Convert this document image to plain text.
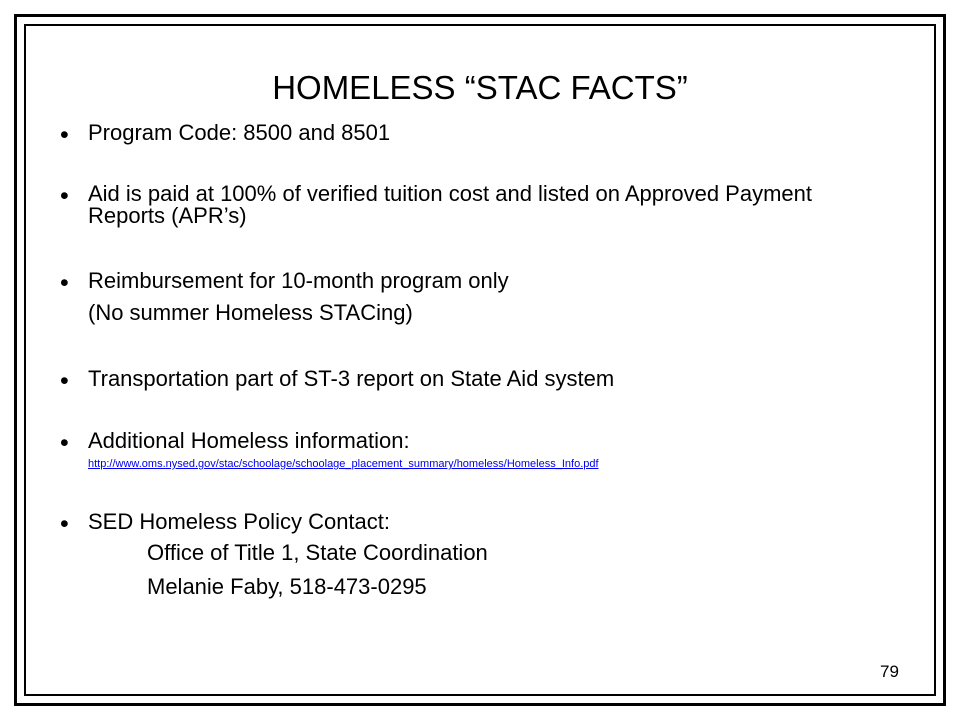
HOMELESS “STAC FACTS”
• Program Code: 8500 and 8501
• Aid is paid at 100% of verified tuition cost and listed on Approved Payment Reports (APR’s)
• Reimbursement for 10-month program only
• Transportation part of ST-3 report on State Aid system
• Additional Homeless information:
• SED Homeless Policy Contact:
(No summer Homeless STACing)
http://www.oms.nysed.gov/stac/schoolage/schoolage_placement_summary/homeless/Homeless_Info.pdf
Office of Title 1, State Coordination
Melanie Faby, 518-473-0295
79
